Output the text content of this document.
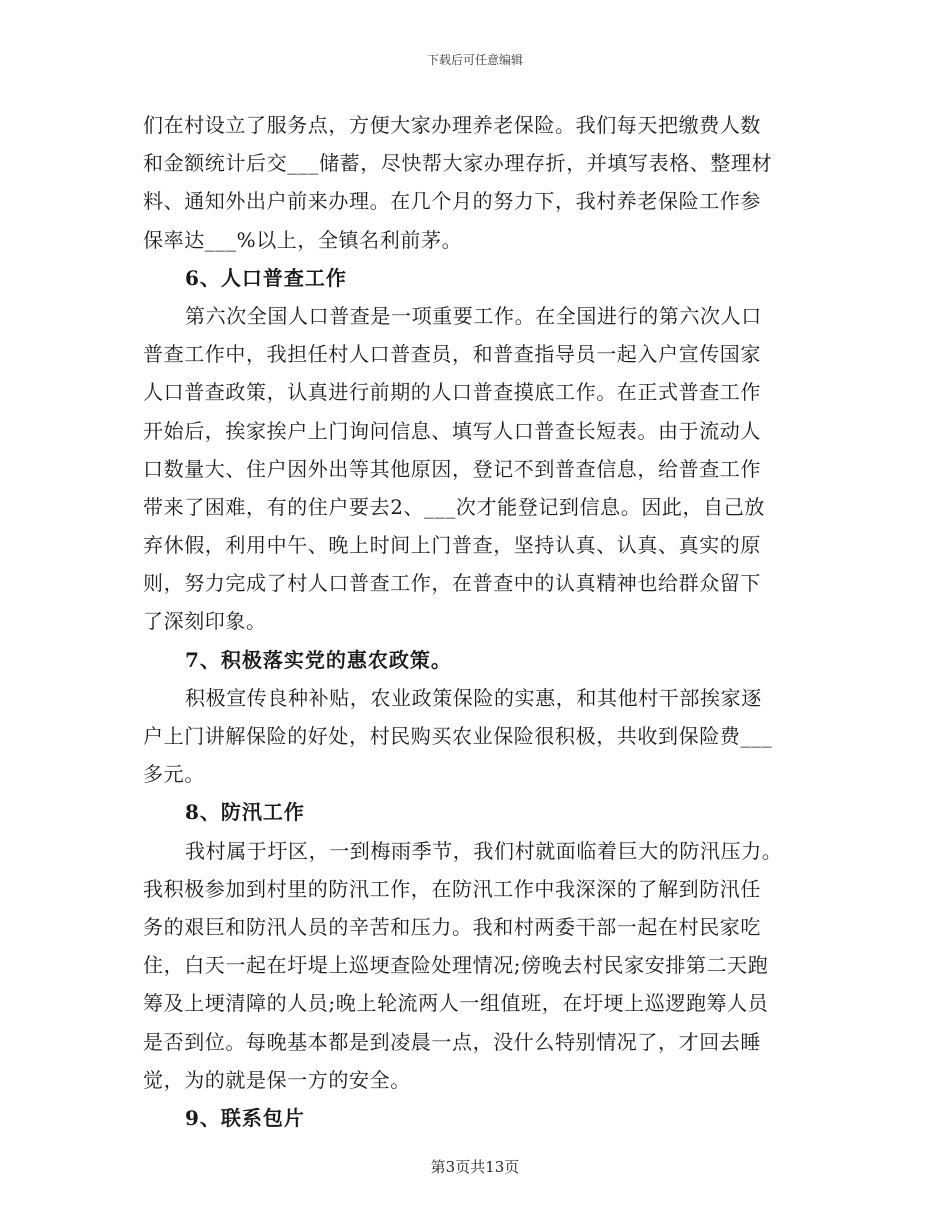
下载后可任意编辑
们在村设立了服务点，方便大家办理养老保险。我们每天把缴费人数
和金额统计后交___储蓄，尽快帮大家办理存折，并填写表格、整理材
料、通知外出户前来办理。在几个月的努力下，我村养老保险工作参
保率达___%以上，全镇名利前茅。
6、人口普查工作
第六次全国人口普查是一项重要工作。在全国进行的第六次人口
普查工作中，我担任村人口普查员，和普查指导员一起入户宣传国家
人口普查政策，认真进行前期的人口普查摸底工作。在正式普查工作
开始后，挨家挨户上门询问信息、填写人口普查长短表。由于流动人
口数量大、住户因外出等其他原因，登记不到普查信息，给普查工作
带来了困难，有的住户要去2、___次才能登记到信息。因此，自己放
弃休假，利用中午、晚上时间上门普查，坚持认真、认真、真实的原
则，努力完成了村人口普查工作，在普查中的认真精神也给群众留下
了深刻印象。
7、积极落实党的惠农政策。
积极宣传良种补贴，农业政策保险的实惠，和其他村干部挨家逐
户上门讲解保险的好处，村民购买农业保险很积极，共收到保险费___
多元。
8、防汛工作
我村属于圩区，一到梅雨季节，我们村就面临着巨大的防汛压力。
我积极参加到村里的防汛工作，在防汛工作中我深深的了解到防汛任
务的艰巨和防汛人员的辛苦和压力。我和村两委干部一起在村民家吃
住，白天一起在圩堤上巡埂查险处理情况;傍晚去村民家安排第二天跑
筹及上埂清障的人员;晚上轮流两人一组值班，在圩埂上巡逻跑筹人员
是否到位。每晚基本都是到凌晨一点，没什么特别情况了，才回去睡
觉，为的就是保一方的安全。
9、联系包片
第3页共13页
